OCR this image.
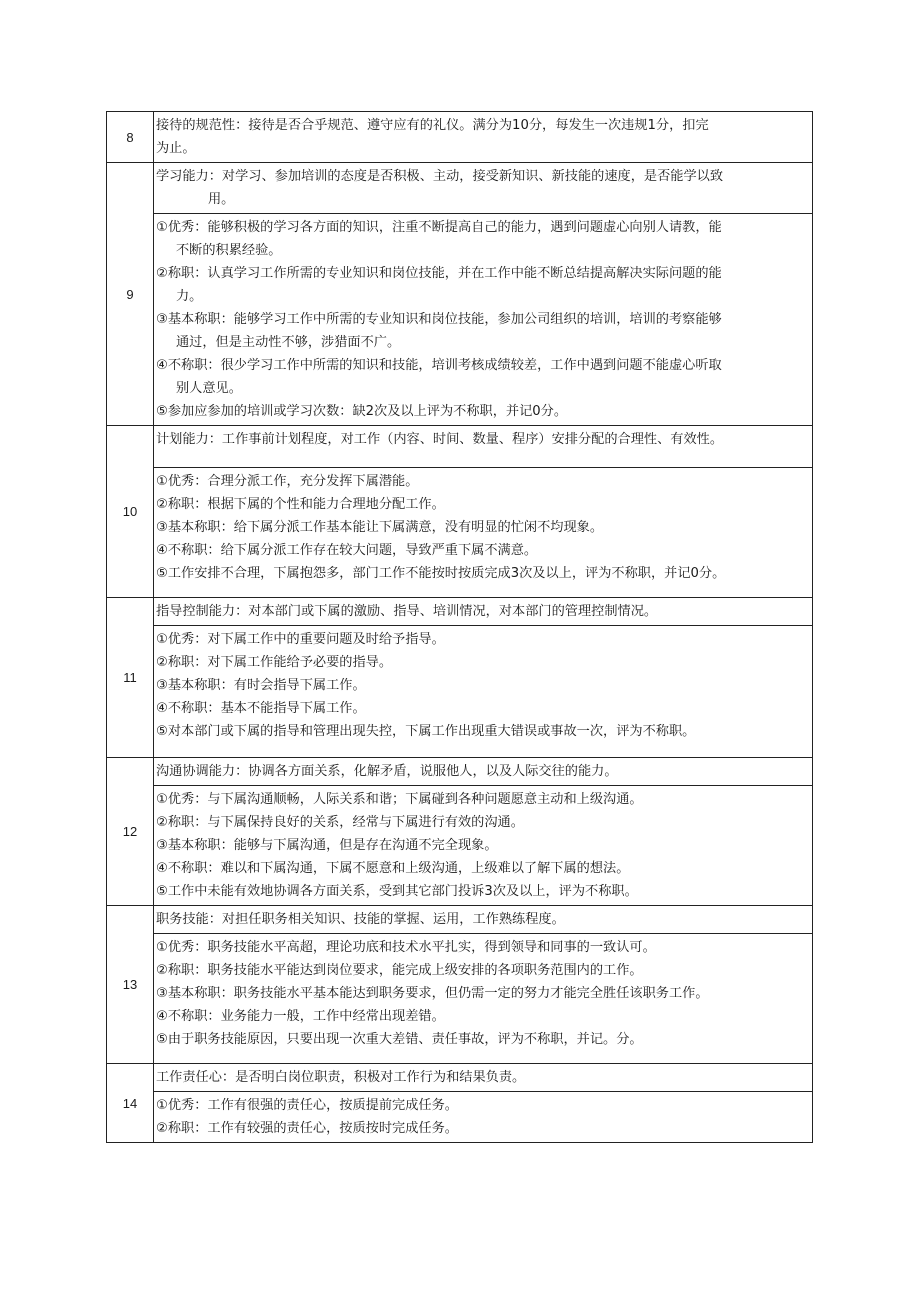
8
接待的规范性：接待是否合乎规范、遵守应有的礼仪。满分为10分，每发生一次违规1分，扣完
为止。
9
学习能力：对学习、参加培训的态度是否积极、主动，接受新知识、新技能的速度，是否能学以致
用。
①优秀：能够积极的学习各方面的知识，注重不断提高自己的能力，遇到问题虚心向别人请教，能
不断的积累经验。
②称职：认真学习工作所需的专业知识和岗位技能，并在工作中能不断总结提高解决实际问题的能
力。
③基本称职：能够学习工作中所需的专业知识和岗位技能，参加公司组织的培训，培训的考察能够
通过，但是主动性不够，涉猎面不广。
④不称职：很少学习工作中所需的知识和技能，培训考核成绩较差，工作中遇到问题不能虚心听取
别人意见。
⑤参加应参加的培训或学习次数：缺2次及以上评为不称职，并记0分。
10
计划能力：工作事前计划程度，对工作（内容、时间、数量、程序）安排分配的合理性、有效性。
①优秀：合理分派工作，充分发挥下属潜能。
②称职：根据下属的个性和能力合理地分配工作。
③基本称职：给下属分派工作基本能让下属满意，没有明显的忙闲不均现象。
④不称职：给下属分派工作存在较大问题，导致严重下属不满意。
⑤工作安排不合理，下属抱怨多，部门工作不能按时按质完成3次及以上，评为不称职，并记0分。
11
指导控制能力：对本部门或下属的激励、指导、培训情况，对本部门的管理控制情况。
①优秀：对下属工作中的重要问题及时给予指导。
②称职：对下属工作能给予必要的指导。
③基本称职：有时会指导下属工作。
④不称职：基本不能指导下属工作。
⑤对本部门或下属的指导和管理出现失控，下属工作出现重大错误或事故一次，评为不称职。
12
沟通协调能力：协调各方面关系，化解矛盾，说服他人，以及人际交往的能力。
①优秀：与下属沟通顺畅，人际关系和谐；下属碰到各种问题愿意主动和上级沟通。
②称职：与下属保持良好的关系，经常与下属进行有效的沟通。
③基本称职：能够与下属沟通，但是存在沟通不完全现象。
④不称职：难以和下属沟通，下属不愿意和上级沟通，上级难以了解下属的想法。
⑤工作中未能有效地协调各方面关系，受到其它部门投诉3次及以上，评为不称职。
13
职务技能：对担任职务相关知识、技能的掌握、运用，工作熟练程度。
①优秀：职务技能水平高超，理论功底和技术水平扎实，得到领导和同事的一致认可。
②称职：职务技能水平能达到岗位要求，能完成上级安排的各项职务范围内的工作。
③基本称职：职务技能水平基本能达到职务要求，但仍需一定的努力才能完全胜任该职务工作。
④不称职：业务能力一般，工作中经常出现差错。
⑤由于职务技能原因，只要出现一次重大差错、责任事故，评为不称职，并记。分。
14
工作责任心：是否明白岗位职责，积极对工作行为和结果负责。
①优秀：工作有很强的责任心，按质提前完成任务。
②称职：工作有较强的责任心，按质按时完成任务。
